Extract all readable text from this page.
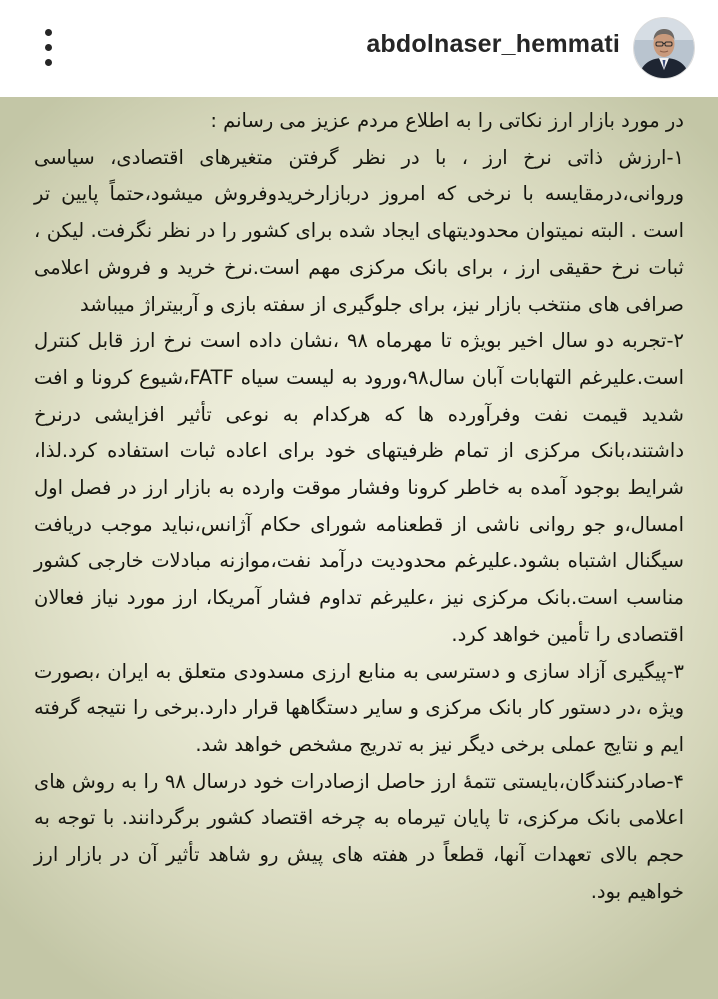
abdolnaser_hemmati

در مورد بازار ارز نکاتی را به اطلاع مردم عزیز می رسانم :

۱-ارزش ذاتی نرخ ارز ، با در نظر گرفتن متغیرهای اقتصادی، سیاسی وروانی،درمقایسه با نرخی که امروز دربازارخریدوفروش میشود،حتماً پایین تر است . البته نمیتوان محدودیتهای ایجاد شده برای کشور را در نظر نگرفت. لیکن ، ثبات نرخ حقیقی ارز ، برای بانک مرکزی مهم است.نرخ خرید و فروش اعلامی صرافی های منتخب بازار نیز، برای جلوگیری از سفته بازی و آربیتراژ میباشد

۲-تجربه دو سال اخیر بویژه تا مهرماه ۹۸ ،نشان داده است نرخ ارز قابل کنترل است.علیرغم التهابات آبان سال۹۸،ورود به لیست سیاه FATF،شیوع کرونا و افت شدید قیمت نفت وفرآورده ها که هرکدام به نوعی تأثیر افزایشی درنرخ داشتند،بانک مرکزی از تمام ظرفیتهای خود برای اعاده ثبات استفاده کرد.لذا، شرایط بوجود آمده به خاطر کرونا وفشار موقت وارده به بازار ارز در فصل اول امسال،و جو روانی ناشی از قطعنامه شورای حکام آژانس،نباید موجب دریافت سیگنال اشتباه بشود.علیرغم محدودیت درآمد نفت،موازنه مبادلات خارجی کشور مناسب است.بانک مرکزی نیز ،علیرغم تداوم فشار آمریکا، ارز مورد نیاز فعالان اقتصادی را تأمین خواهد کرد.

۳-پیگیری آزاد سازی و دسترسی به منابع ارزی مسدودی متعلق به ایران ،بصورت ویژه ،در دستور کار بانک مرکزی و سایر دستگاهها قرار دارد.برخی را نتیجه گرفته ایم و نتایج عملی برخی دیگر نیز به تدریج مشخص خواهد شد.

۴-صادرکنندگان،بایستی تتمۀ ارز حاصل ازصادرات خود درسال ۹۸ را به روش های اعلامی بانک مرکزی، تا پایان تیرماه به چرخه اقتصاد کشور برگردانند. با توجه به حجم بالای تعهدات آنها، قطعاً در هفته های پیش رو شاهد تأثیر آن در بازار ارز خواهیم بود.
